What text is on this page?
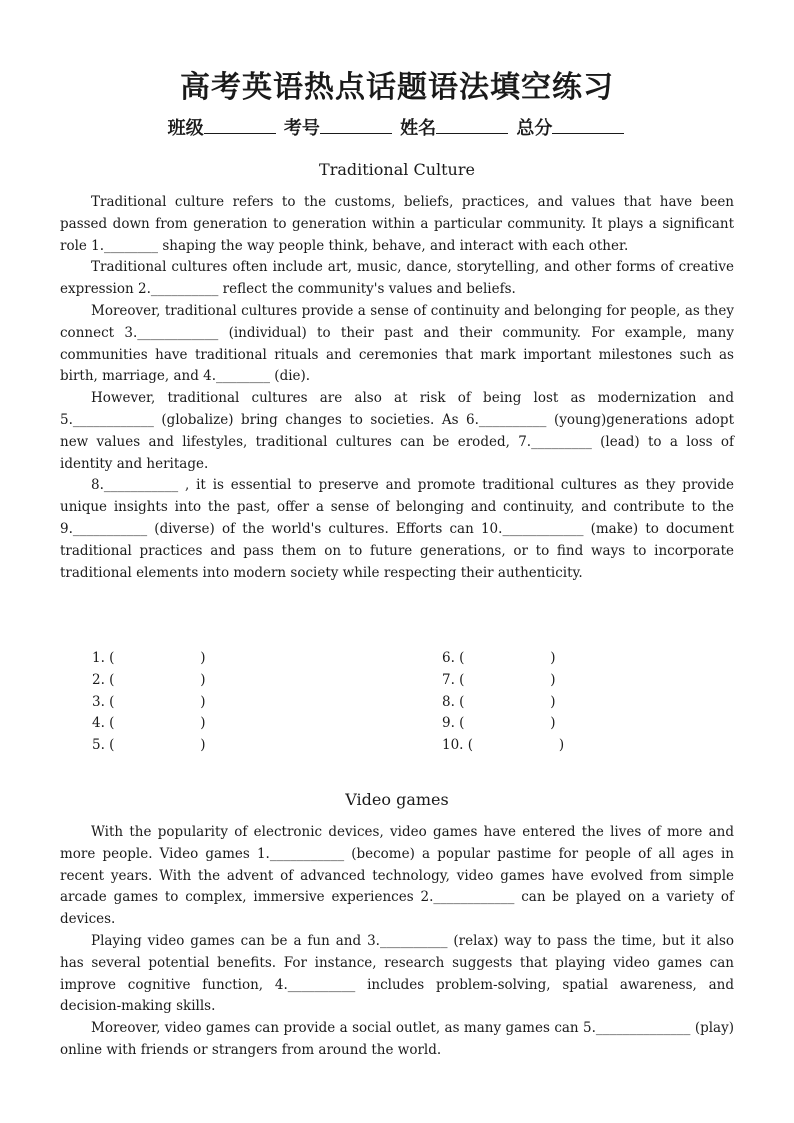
高考英语热点话题语法填空练习
班级	考号	姓名	总分
Traditional Culture

Traditional culture refers to the customs, beliefs, practices, and values that have been passed down from generation to generation within a particular community. It plays a significant role 1.________ shaping the way people think, behave, and interact with each other.

Traditional cultures often include art, music, dance, storytelling, and other forms of creative expression 2.__________ reflect the community's values and beliefs.

Moreover, traditional cultures provide a sense of continuity and belonging for people, as they connect 3.____________ (individual) to their past and their community. For example, many communities have traditional rituals and ceremonies that mark important milestones such as birth, marriage, and 4.________ (die).

However, traditional cultures are also at risk of being lost as modernization and 5.____________ (globalize) bring changes to societies. As 6.__________ (young)generations adopt new values and lifestyles, traditional cultures can be eroded, 7._________ (lead) to a loss of identity and heritage.

8.___________ , it is essential to preserve and promote traditional cultures as they provide unique insights into the past, offer a sense of belonging and continuity, and contribute to the 9.___________ (diverse) of the world's cultures. Efforts can 10.____________ (make) to document traditional practices and pass them on to future generations, or to find ways to incorporate traditional elements into modern society while respecting their authenticity.

1. (                    )
2. (                    )
3. (                    )
4. (                    )
5. (                    )
6. (                    )
7. (                    )
8. (                    )
9. (                    )
10. (                    )
Video games

With the popularity of electronic devices, video games have entered the lives of more and more people. Video games 1.___________ (become) a popular pastime for people of all ages in recent years. With the advent of advanced technology, video games have evolved from simple arcade games to complex, immersive experiences 2.____________ can be played on a variety of devices.

Playing video games can be a fun and 3.__________ (relax) way to pass the time, but it also has several potential benefits. For instance, research suggests that playing video games can improve cognitive function, 4.__________ includes problem-solving, spatial awareness, and decision-making skills.

Moreover, video games can provide a social outlet, as many games can 5.______________ (play) online with friends or strangers from around the world.
